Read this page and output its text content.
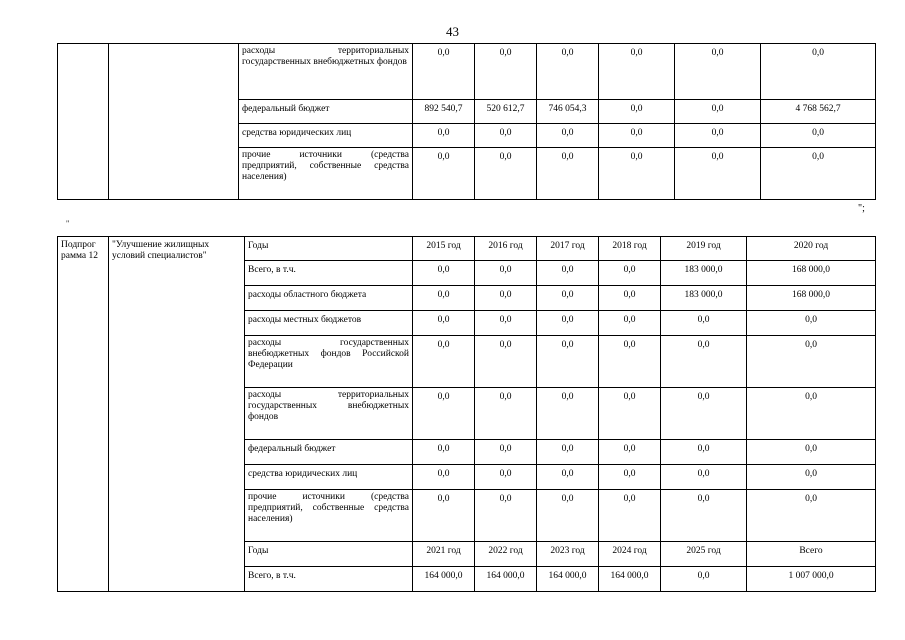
43
		расходы территориальных государственных внебюджетных фондов	0,0	0,0	0,0	0,0	0,0	0,0
		федеральный бюджет	892 540,7	520 612,7	746 054,3	0,0	0,0	4 768 562,7
		средства юридических лиц	0,0	0,0	0,0	0,0	0,0	0,0
		прочие источники (средства предприятий, собственные средства населения)	0,0	0,0	0,0	0,0	0,0	0,0
";
"
Подпрог рамма 12	"Улучшение жилищных условий специалистов"	Годы	2015 год	2016 год	2017 год	2018 год	2019 год	2020 год
		Всего, в т.ч.	0,0	0,0	0,0	0,0	183 000,0	168 000,0
		расходы областного бюджета	0,0	0,0	0,0	0,0	183 000,0	168 000,0
		расходы местных бюджетов	0,0	0,0	0,0	0,0	0,0	0,0
		расходы государственных внебюджетных фондов Российской Федерации	0,0	0,0	0,0	0,0	0,0	0,0
		расходы территориальных государственных внебюджетных фондов	0,0	0,0	0,0	0,0	0,0	0,0
		федеральный бюджет	0,0	0,0	0,0	0,0	0,0	0,0
		средства юридических лиц	0,0	0,0	0,0	0,0	0,0	0,0
		прочие источники (средства предприятий, собственные средства населения)	0,0	0,0	0,0	0,0	0,0	0,0
		Годы	2021 год	2022 год	2023 год	2024 год	2025 год	Всего
		Всего, в т.ч.	164 000,0	164 000,0	164 000,0	164 000,0	0,0	1 007 000,0
